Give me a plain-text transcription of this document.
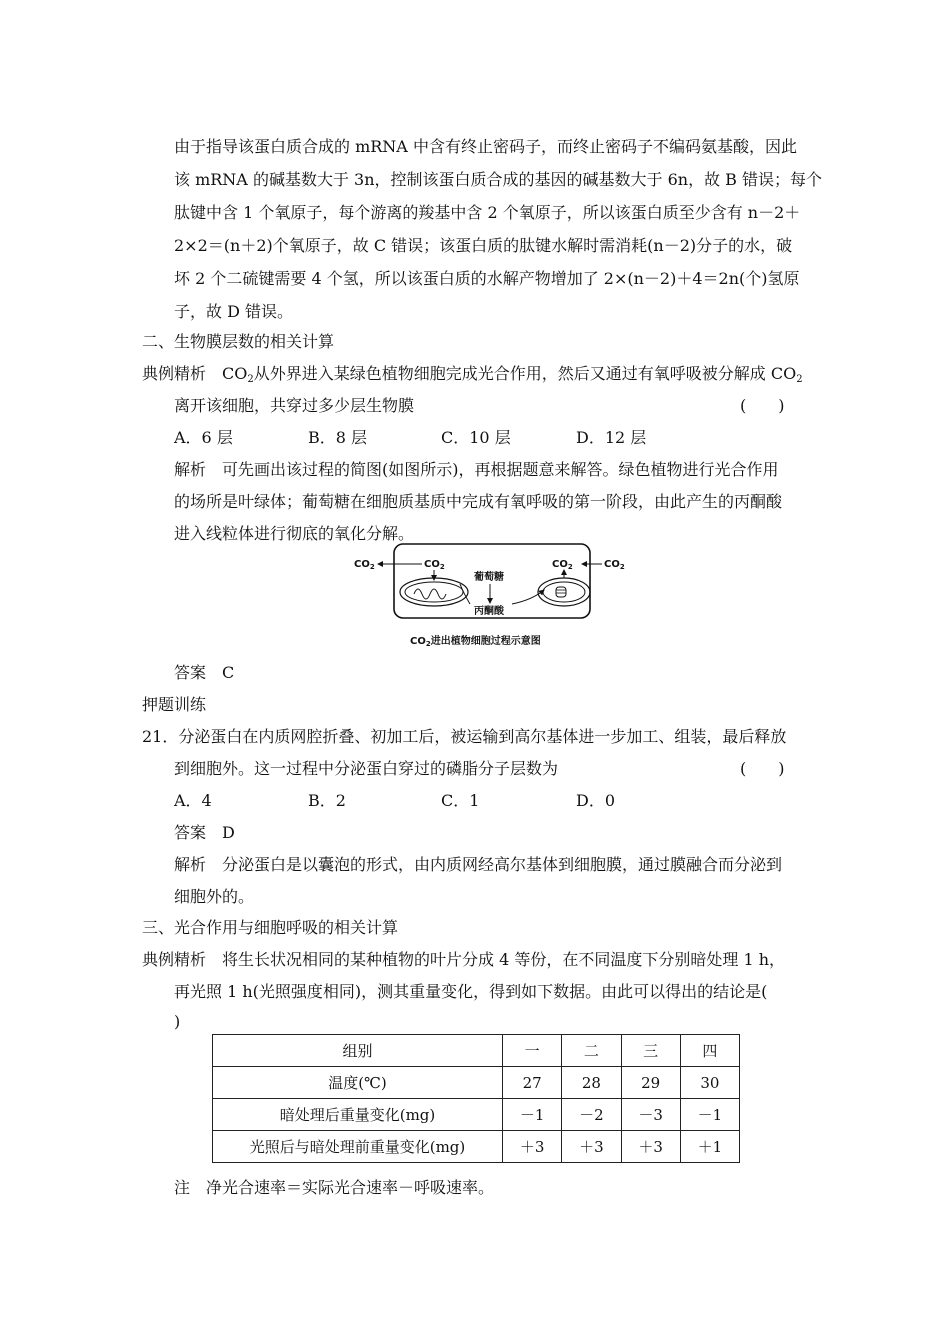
由于指导该蛋白质合成的 mRNA 中含有终止密码子，而终止密码子不编码氨基酸，因此
该 mRNA 的碱基数大于 3n，控制该蛋白质合成的基因的碱基数大于 6n，故 B 错误；每个
肽键中含 1 个氧原子，每个游离的羧基中含 2 个氧原子，所以该蛋白质至少含有 n－2＋
2×2＝(n＋2)个氧原子，故 C 错误；该蛋白质的肽键水解时需消耗(n－2)分子的水，破
坏 2 个二硫键需要 4 个氢，所以该蛋白质的水解产物增加了 2×(n－2)＋4＝2n(个)氢原
子，故 D 错误。
二、生物膜层数的相关计算
典例精析  $CO_2$从外界进入某绿色植物细胞完成光合作用，然后又通过有氧呼吸被分解成 $CO_2$
离开该细胞，共穿过多少层生物膜	(　　)
A．6 层	B．8 层	C．10 层	D．12 层
解析　可先画出该过程的简图(如图所示)，再根据题意来解答。绿色植物进行光合作用
的场所是叶绿体；葡萄糖在细胞质基质中完成有氧呼吸的第一阶段，由此产生的丙酮酸
进入线粒体进行彻底的氧化分解。
$CO_2$	$CO_2$	$CO_2$	$CO_2$
葡萄糖
丙酮酸
$CO_2$进出植物细胞过程示意图
答案　C
押题训练
21．分泌蛋白在内质网腔折叠、初加工后，被运输到高尔基体进一步加工、组装，最后释放
到细胞外。这一过程中分泌蛋白穿过的磷脂分子层数为	(　　)
A．4	B．2	C．1	D．0
答案　D
解析　分泌蛋白是以囊泡的形式，由内质网经高尔基体到细胞膜，通过膜融合而分泌到
细胞外的。
三、光合作用与细胞呼吸的相关计算
典例精析　将生长状况相同的某种植物的叶片分成 4 等份，在不同温度下分别暗处理 1 h，
再光照 1 h(光照强度相同)，测其重量变化，得到如下数据。由此可以得出的结论是(
)
组别	一	二	三	四
温度(℃)	27	28	29	30
暗处理后重量变化(mg)	－1	－2	－3	－1
光照后与暗处理前重量变化(mg)	＋3	＋3	＋3	＋1
注　净光合速率＝实际光合速率－呼吸速率。
